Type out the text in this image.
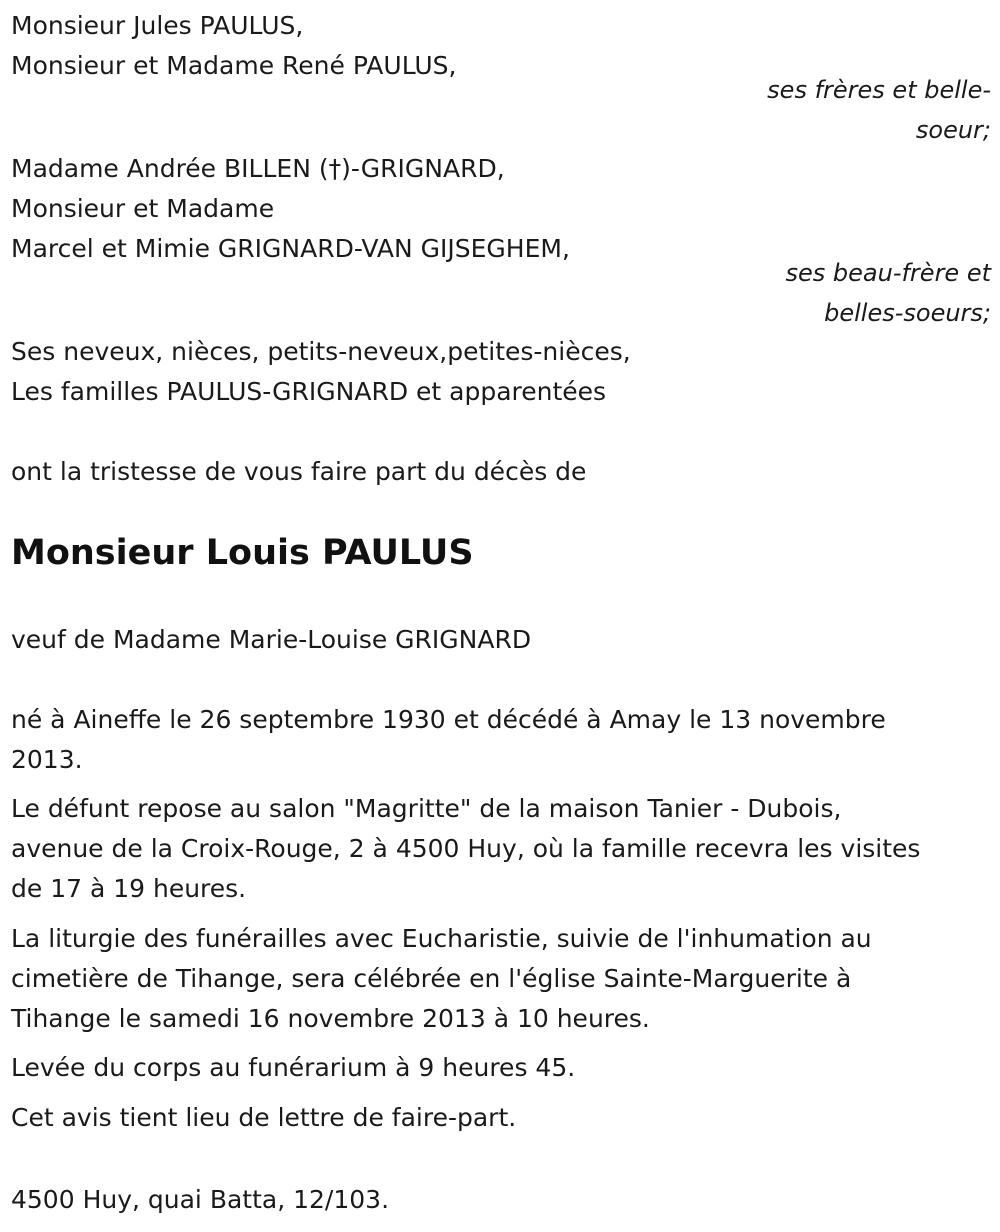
Monsieur Jules PAULUS,
Monsieur et Madame René PAULUS,
ses frères et belle-
soeur;
Madame Andrée BILLEN (†)-GRIGNARD,
Monsieur et Madame
Marcel et Mimie GRIGNARD-VAN GIJSEGHEM,
ses beau-frère et
belles-soeurs;
Ses neveux, nièces, petits-neveux,petites-nièces,
Les familles PAULUS-GRIGNARD et apparentées
ont la tristesse de vous faire part du décès de
Monsieur Louis PAULUS
veuf de Madame Marie-Louise GRIGNARD
né à Aineffe le 26 septembre 1930 et décédé à Amay le 13 novembre
2013.
Le défunt repose au salon "Magritte" de la maison Tanier - Dubois,
avenue de la Croix-Rouge, 2 à 4500 Huy, où la famille recevra les visites
de 17 à 19 heures.
La liturgie des funérailles avec Eucharistie, suivie de l'inhumation au
cimetière de Tihange, sera célébrée en l'église Sainte-Marguerite à
Tihange le samedi 16 novembre 2013 à 10 heures.
Levée du corps au funérarium à 9 heures 45.
Cet avis tient lieu de lettre de faire-part.
4500 Huy, quai Batta, 12/103.
